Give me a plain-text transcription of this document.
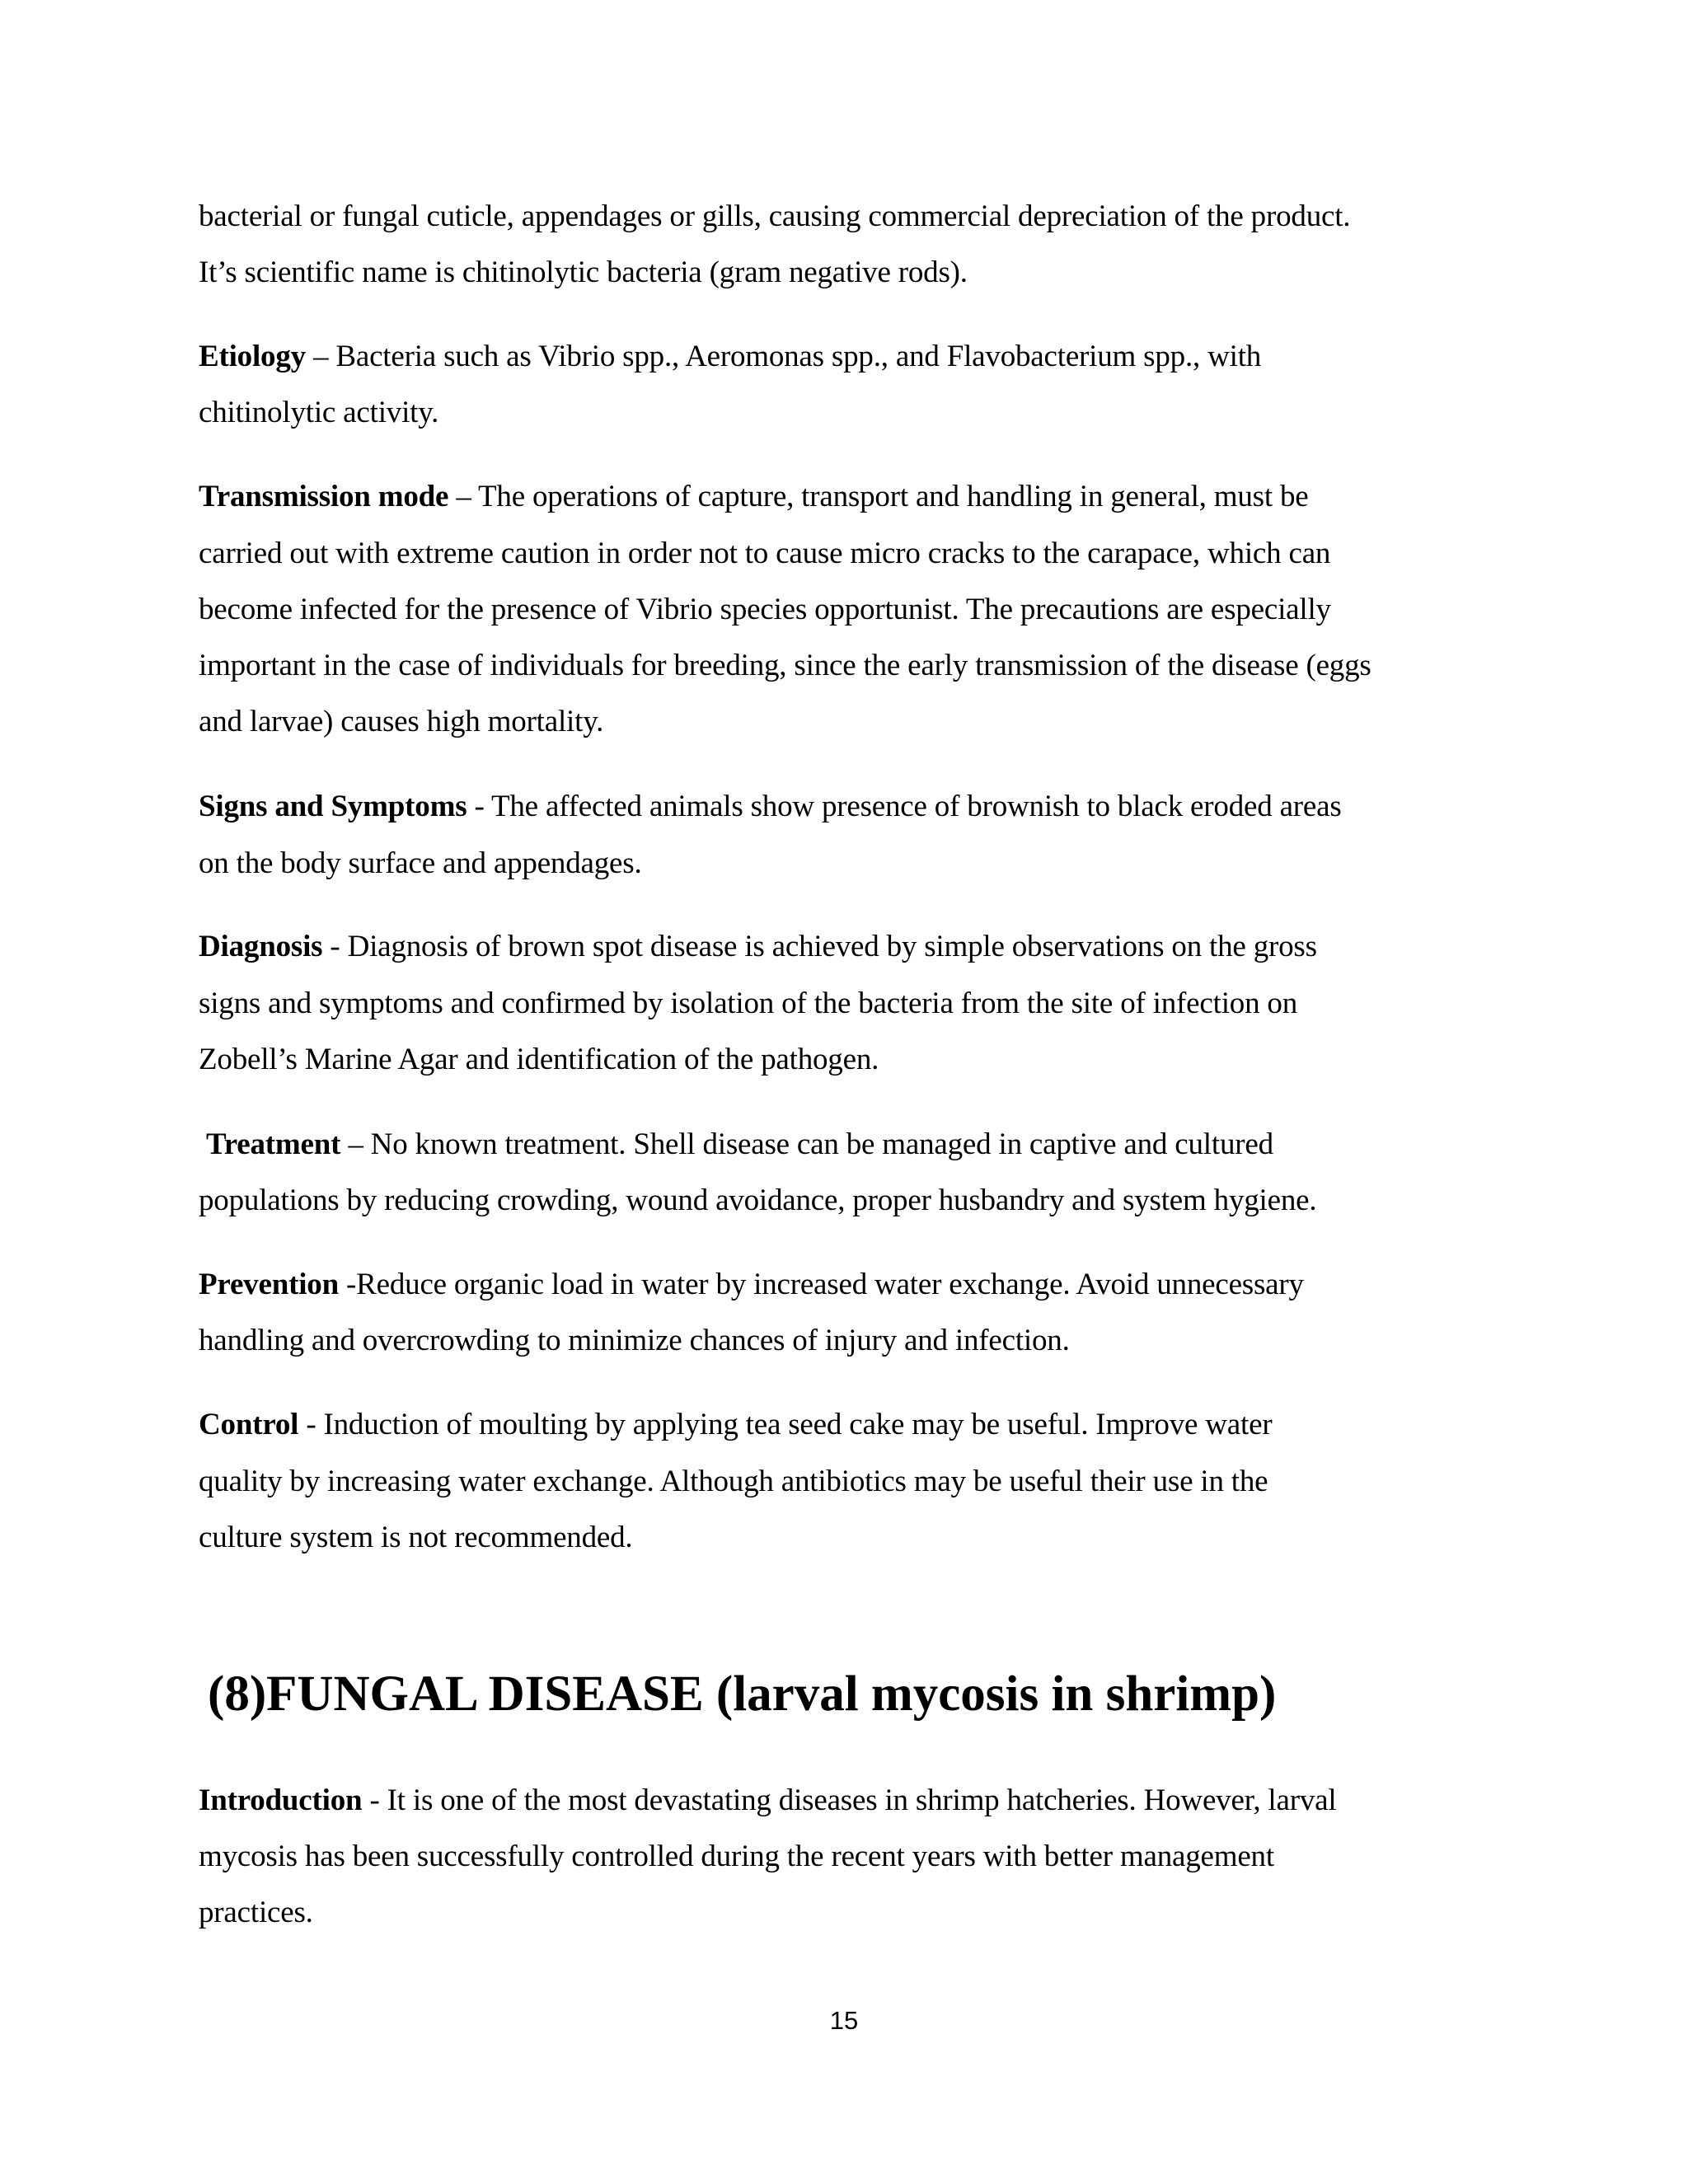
bacterial or fungal cuticle, appendages or gills, causing commercial depreciation of the product.
It’s scientific name is chitinolytic bacteria (gram negative rods).
Etiology – Bacteria such as Vibrio spp., Aeromonas spp., and Flavobacterium spp., with
chitinolytic activity.
Transmission mode – The operations of capture, transport and handling in general, must be
carried out with extreme caution in order not to cause micro cracks to the carapace, which can
become infected for the presence of Vibrio species opportunist. The precautions are especially
important in the case of individuals for breeding, since the early transmission of the disease (eggs
and larvae) causes high mortality.
Signs and Symptoms - The affected animals show presence of brownish to black eroded areas
on the body surface and appendages.
Diagnosis - Diagnosis of brown spot disease is achieved by simple observations on the gross
signs and symptoms and confirmed by isolation of the bacteria from the site of infection on
Zobell’s Marine Agar and identification of the pathogen.
Treatment – No known treatment. Shell disease can be managed in captive and cultured
populations by reducing crowding, wound avoidance, proper husbandry and system hygiene.
Prevention -Reduce organic load in water by increased water exchange. Avoid unnecessary
handling and overcrowding to minimize chances of injury and infection.
Control - Induction of moulting by applying tea seed cake may be useful. Improve water
quality by increasing water exchange. Although antibiotics may be useful their use in the
culture system is not recommended.
(8)FUNGAL DISEASE (larval mycosis in shrimp)
Introduction - It is one of the most devastating diseases in shrimp hatcheries. However, larval
mycosis has been successfully controlled during the recent years with better management
practices.
15
